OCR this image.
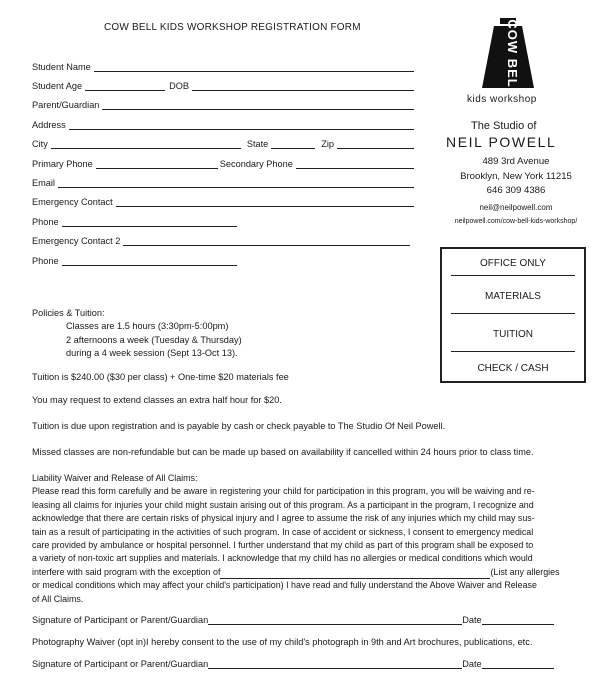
COW BELL KIDS WORKSHOP REGISTRATION FORM
Student Name
Student Age	DOB
Parent/Guardian
Address
City	State	Zip
Primary Phone	Secondary Phone
Email
Emergency Contact
Phone
Emergency Contact 2
Phone
COW BELL
kids workshop
The Studio of
NEIL POWELL
489 3rd Avenue
Brooklyn, New York 11215
646 309 4386
neil@neilpowell.com
neilpowell.com/cow-bell-kids-workshop/
OFFICE ONLY
MATERIALS
TUITION
CHECK / CASH
Policies & Tuition:
Classes are 1.5 hours (3:30pm-5:00pm)
2 afternoons a week (Tuesday & Thursday)
during a 4 week session (Sept 13-Oct 13).
Tuition is $240.00 ($30 per class) + One-time $20 materials fee
You may request to extend classes an extra half hour for $20.
Tuition is due upon registration and is payable by cash or check payable to The Studio Of Neil Powell.
Missed classes are non-refundable but can be made up based on availability if cancelled within 24 hours prior to class time.
Liability Waiver and Release of All Claims:
Please read this form carefully and be aware in registering your child for participation in this program, you will be waiving and re-
leasing all claims for injuries your child might sustain arising out of this program. As a participant in the program, I recognize and
acknowledge that there are certain risks of physical injury and I agree to assume the risk of any injuries which my child may sus-
tain as a result of participating in the activities of such program. In case of accident or sickness, I consent to emergency medical
care provided by ambulance or hospital personnel. I further understand that my child as part of this program shall be exposed to
a variety of non-toxic art supplies and materials. I acknowledge that my child has no allergies or medical conditions which would
interfere with said program with the exception of	(List any allergies
or medical conditions which may affect your child's participation) I have read and fully understand the Above Waiver and Release
of All Claims.
Signature of Participant or Parent/Guardian	Date
Photography Waiver (opt in)I hereby consent to the use of my child's photograph in 9th and Art brochures, publications, etc.
Signature of Participant or Parent/Guardian	Date
